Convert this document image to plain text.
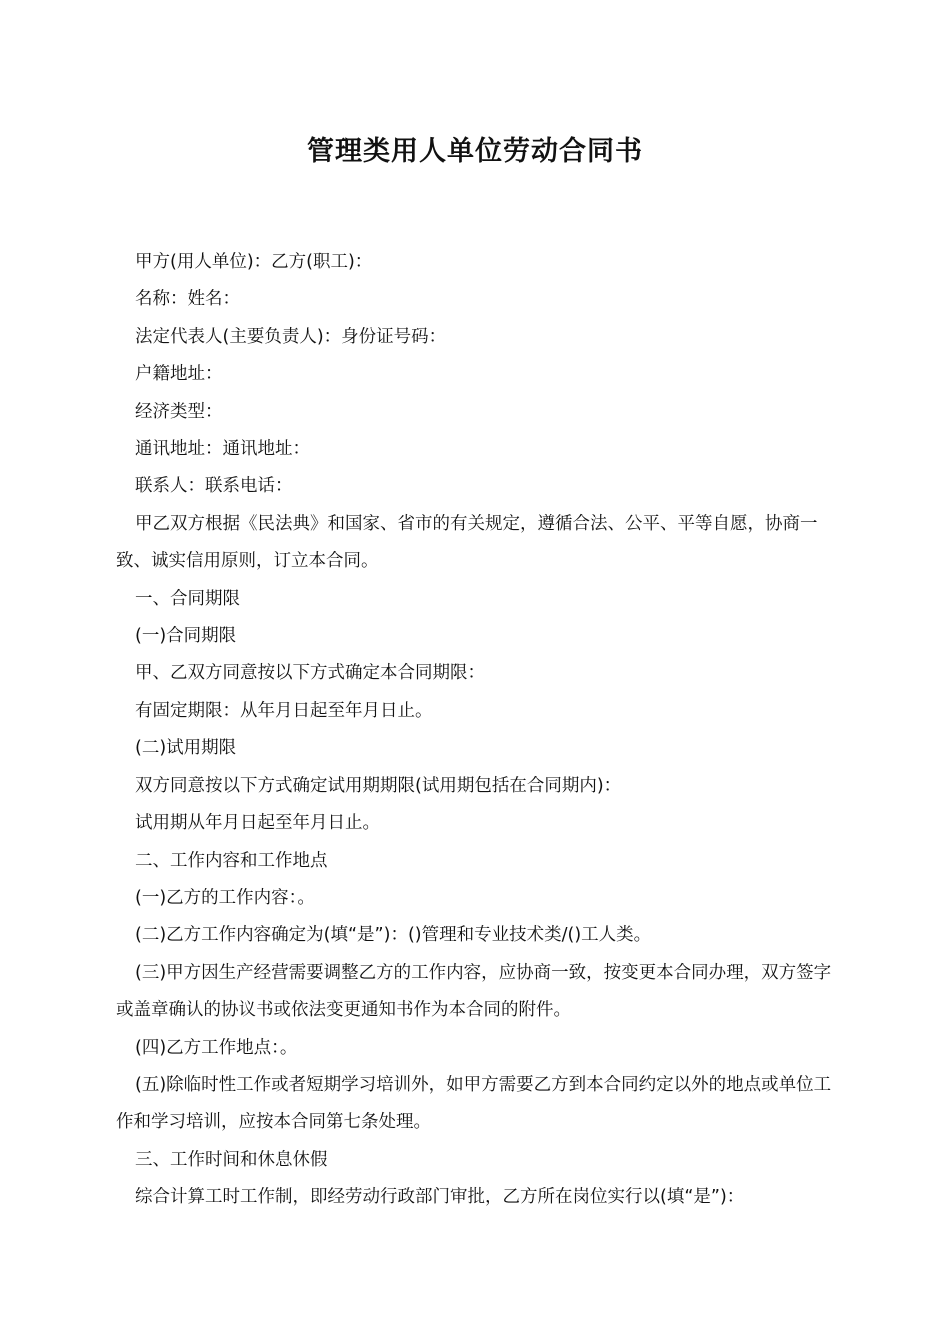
管理类用人单位劳动合同书

甲方(用人单位)：乙方(职工)：

名称：姓名：

法定代表人(主要负责人)：身份证号码：

户籍地址：

经济类型：

通讯地址：通讯地址：

联系人：联系电话：

甲乙双方根据《民法典》和国家、省市的有关规定，遵循合法、公平、平等自愿，协商一致、诚实信用原则，订立本合同。

一、合同期限

(一)合同期限

甲、乙双方同意按以下方式确定本合同期限：

有固定期限：从年月日起至年月日止。

(二)试用期限

双方同意按以下方式确定试用期期限(试用期包括在合同期内)：

试用期从年月日起至年月日止。

二、工作内容和工作地点

(一)乙方的工作内容：。

(二)乙方工作内容确定为(填“是”)：()管理和专业技术类/()工人类。

(三)甲方因生产经营需要调整乙方的工作内容，应协商一致，按变更本合同办理，双方签字或盖章确认的协议书或依法变更通知书作为本合同的附件。

(四)乙方工作地点：。

(五)除临时性工作或者短期学习培训外，如甲方需要乙方到本合同约定以外的地点或单位工作和学习培训，应按本合同第七条处理。

三、工作时间和休息休假

综合计算工时工作制，即经劳动行政部门审批，乙方所在岗位实行以(填“是”)：
